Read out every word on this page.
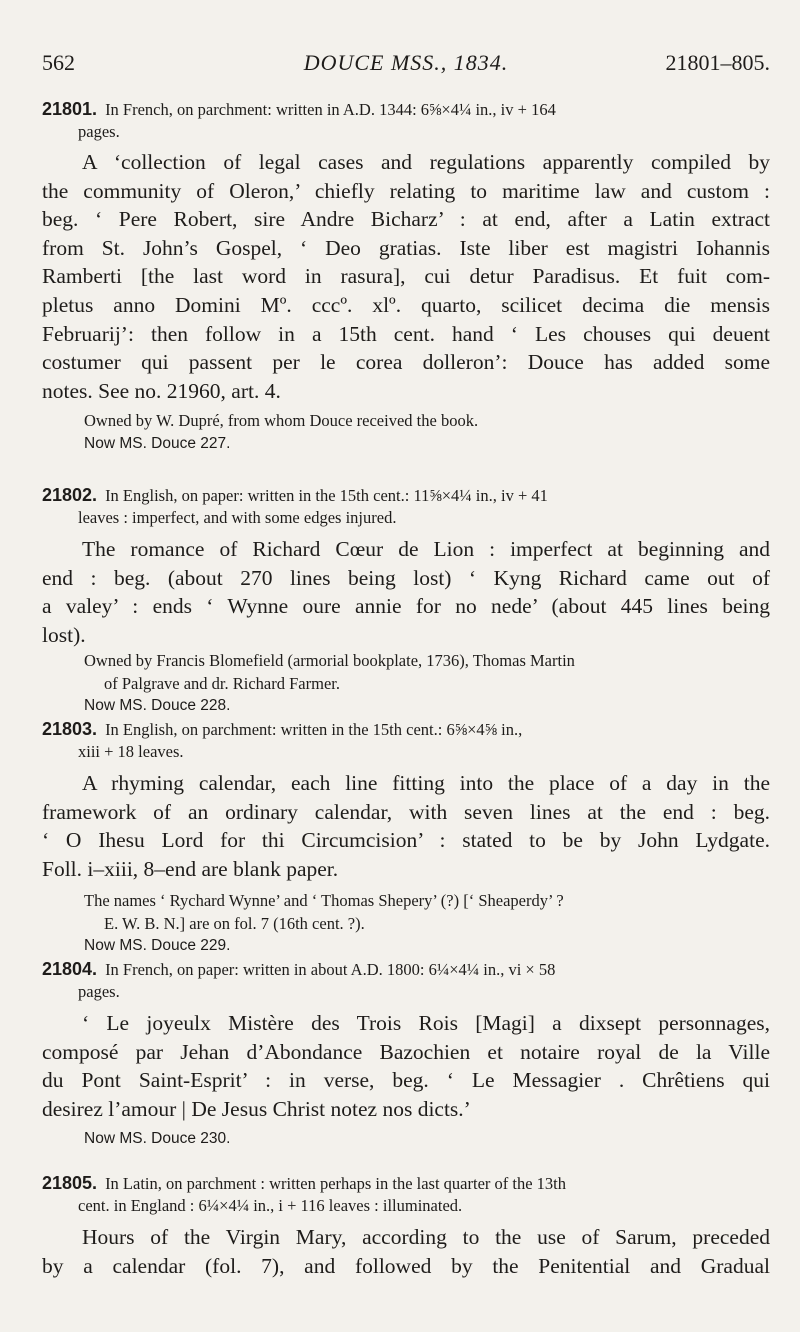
562	DOUCE MSS., 1834.	21801–805.
21801. In French, on parchment: written in A.D. 1344: 6⅝×4¼ in., iv + 164
pages.
A ‘collection of legal cases and regulations apparently compiled by
the community of Oleron,’ chiefly relating to maritime law and custom :
beg. ‘ Pere Robert, sire Andre Bicharz’ : at end, after a Latin extract
from St. John’s Gospel, ‘ Deo gratias. Iste liber est magistri Iohannis
Ramberti [the last word in rasura], cui detur Paradisus. Et fuit com-
pletus anno Domini Mº. cccº. xlº. quarto, scilicet decima die mensis
Februarij’: then follow in a 15th cent. hand ‘ Les chouses qui deuent
costumer qui passent per le corea dolleron’: Douce has added some
notes. See no. 21960, art. 4.
Owned by W. Dupré, from whom Douce received the book.
Now MS. Douce 227.
21802. In English, on paper: written in the 15th cent.: 11⅝×4¼ in., iv + 41
leaves : imperfect, and with some edges injured.
The romance of Richard Cœur de Lion : imperfect at beginning and
end : beg. (about 270 lines being lost) ‘ Kyng Richard came out of
a valey’ : ends ‘ Wynne oure annie for no nede’ (about 445 lines being
lost).
Owned by Francis Blomefield (armorial bookplate, 1736), Thomas Martin
of Palgrave and dr. Richard Farmer.
Now MS. Douce 228.
21803. In English, on parchment: written in the 15th cent.: 6⅝×4⅝ in.,
xiii + 18 leaves.
A rhyming calendar, each line fitting into the place of a day in the
framework of an ordinary calendar, with seven lines at the end : beg.
‘ O Ihesu Lord for thi Circumcision’ : stated to be by John Lydgate.
Foll. i–xiii, 8–end are blank paper.
The names ‘ Rychard Wynne’ and ‘ Thomas Shepery’ (?) [‘ Sheaperdy’ ?
E. W. B. N.] are on fol. 7 (16th cent. ?).
Now MS. Douce 229.
21804. In French, on paper: written in about A.D. 1800: 6¼×4¼ in., vi × 58
pages.
‘ Le joyeulx Mistère des Trois Rois [Magi] a dixsept personnages,
composé par Jehan d’Abondance Bazochien et notaire royal de la Ville
du Pont Saint-Esprit’ : in verse, beg. ‘ Le Messagier . Chrêtiens qui
desirez l’amour | De Jesus Christ notez nos dicts.’
Now MS. Douce 230.
21805. In Latin, on parchment : written perhaps in the last quarter of the 13th
cent. in England : 6¼×4¼ in., i + 116 leaves : illuminated.
Hours of the Virgin Mary, according to the use of Sarum, preceded
by a calendar (fol. 7), and followed by the Penitential and Gradual
